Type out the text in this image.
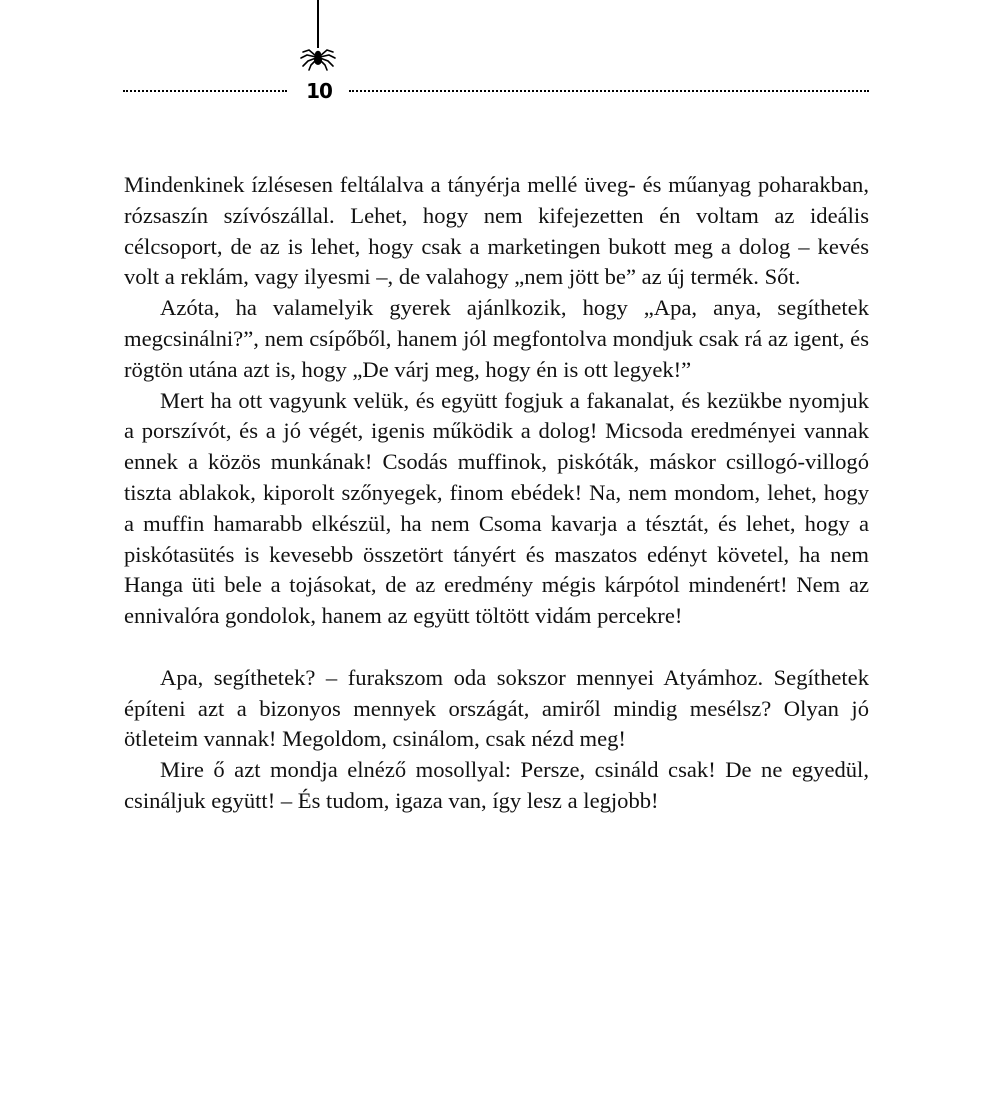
10

Mindenkinek ízlésesen feltálalva a tányérja mellé üveg- és műanyag poharakban, rózsaszín szívószállal. Lehet, hogy nem kifejezetten én voltam az ideális célcsoport, de az is lehet, hogy csak a marketingen bukott meg a dolog – kevés volt a reklám, vagy ilyesmi –, de valahogy „nem jött be” az új termék. Sőt.

Azóta, ha valamelyik gyerek ajánlkozik, hogy „Apa, anya, segíthetek megcsinálni?”, nem csípőből, hanem jól megfontolva mondjuk csak rá az igent, és rögtön utána azt is, hogy „De várj meg, hogy én is ott legyek!”

Mert ha ott vagyunk velük, és együtt fogjuk a fakanalat, és kezükbe nyomjuk a porszívót, és a jó végét, igenis működik a dolog! Micsoda eredményei vannak ennek a közös munkának! Csodás muffinok, piskóták, máskor csillogó-villogó tiszta ablakok, kiporolt szőnyegek, finom ebédek! Na, nem mondom, lehet, hogy a muffin hamarabb elkészül, ha nem Csoma kavarja a tésztát, és lehet, hogy a piskótasütés is kevesebb összetört tányért és maszatos edényt követel, ha nem Hanga üti bele a tojásokat, de az eredmény mégis kárpótol mindenért! Nem az ennivalóra gondolok, hanem az együtt töltött vidám percekre!

Apa, segíthetek? – furakszom oda sokszor mennyei Atyámhoz. Segíthetek építeni azt a bizonyos mennyek országát, amiről mindig mesélsz? Olyan jó ötleteim vannak! Megoldom, csinálom, csak nézd meg!

Mire ő azt mondja elnéző mosollyal: Persze, csináld csak! De ne egyedül, csináljuk együtt! – És tudom, igaza van, így lesz a legjobb!
